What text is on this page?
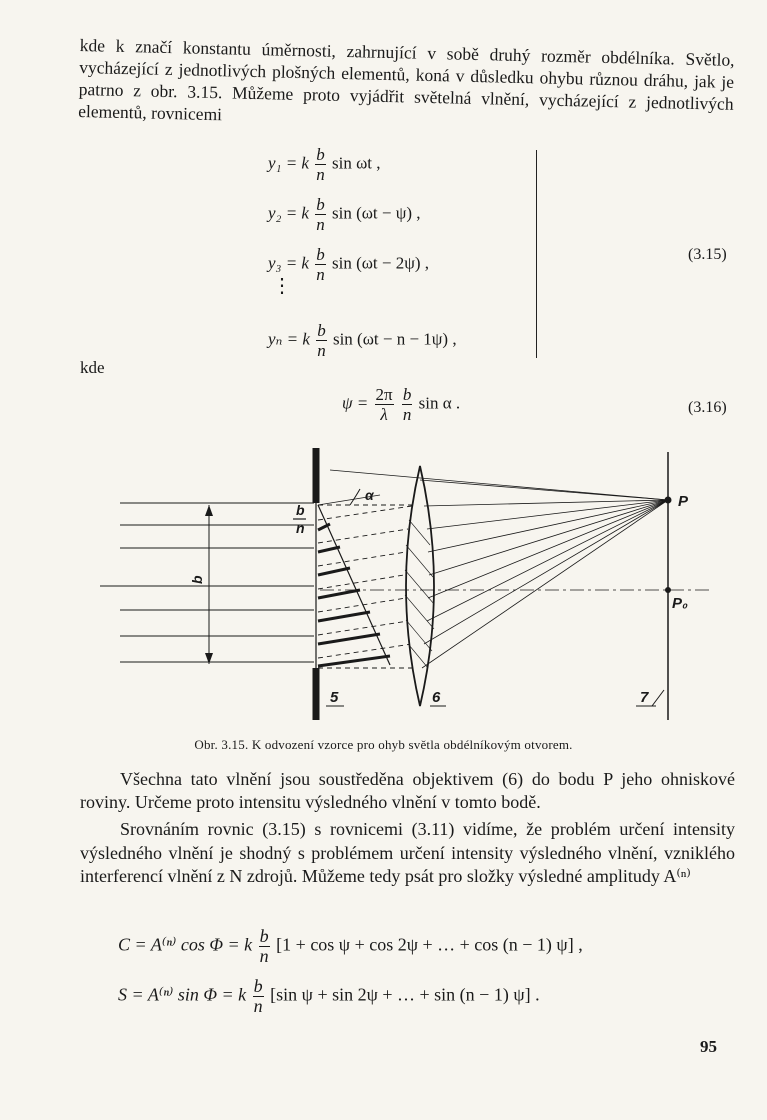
kde k značí konstantu úměrnosti, zahrnující v sobě druhý rozměr obdélníka. Světlo, vycházející z jednotlivých plošných elementů, koná v důsledku ohybu různou dráhu, jak je patrno z obr. 3.15. Můžeme proto vyjádřit světelná vlnění, vycházející z jednotlivých elementů, rovnicemi

y₁ = k $\frac{b}{n}$ sin ωt ,
y₂ = k $\frac{b}{n}$ sin (ωt − ψ) ,
y₃ = k $\frac{b}{n}$ sin (ωt − 2ψ) ,
⋮
yₙ = k $\frac{b}{n}$ sin (ωt − n − 1ψ) ,
(3.15)
kde
$\psi = \frac{2\pi}{\lambda}$
$\frac{b}{n}$ sin α .	(3.16)
b
n
b
α	P
P₀
5	6	7
Obr. 3.15. K odvození vzorce pro ohyb světla obdélníkovým otvorem.

Všechna tato vlnění jsou soustředěna objektivem (6) do bodu P jeho ohniskové roviny. Určeme proto intensitu výsledného vlnění v tomto bodě.

Srovnáním rovnic (3.15) s rovnicemi (3.11) vidíme, že problém určení intensity výsledného vlnění je shodný s problémem určení intensity výsledného vlnění, vzniklého interferencí vlnění z N zdrojů. Můžeme tedy psát pro složky výsledné amplitudy A⁽ⁿ⁾

C = A⁽ⁿ⁾ cos Φ = k $\frac{b}{n} [1 + \cos \psi + \cos 2\psi$ + … + cos (n − 1) ψ] ,
S = A⁽ⁿ⁾ sin Φ = k $\frac{b}{n} [\sin$ ψ + sin 2ψ + … + sin (n − 1) ψ] .
95
